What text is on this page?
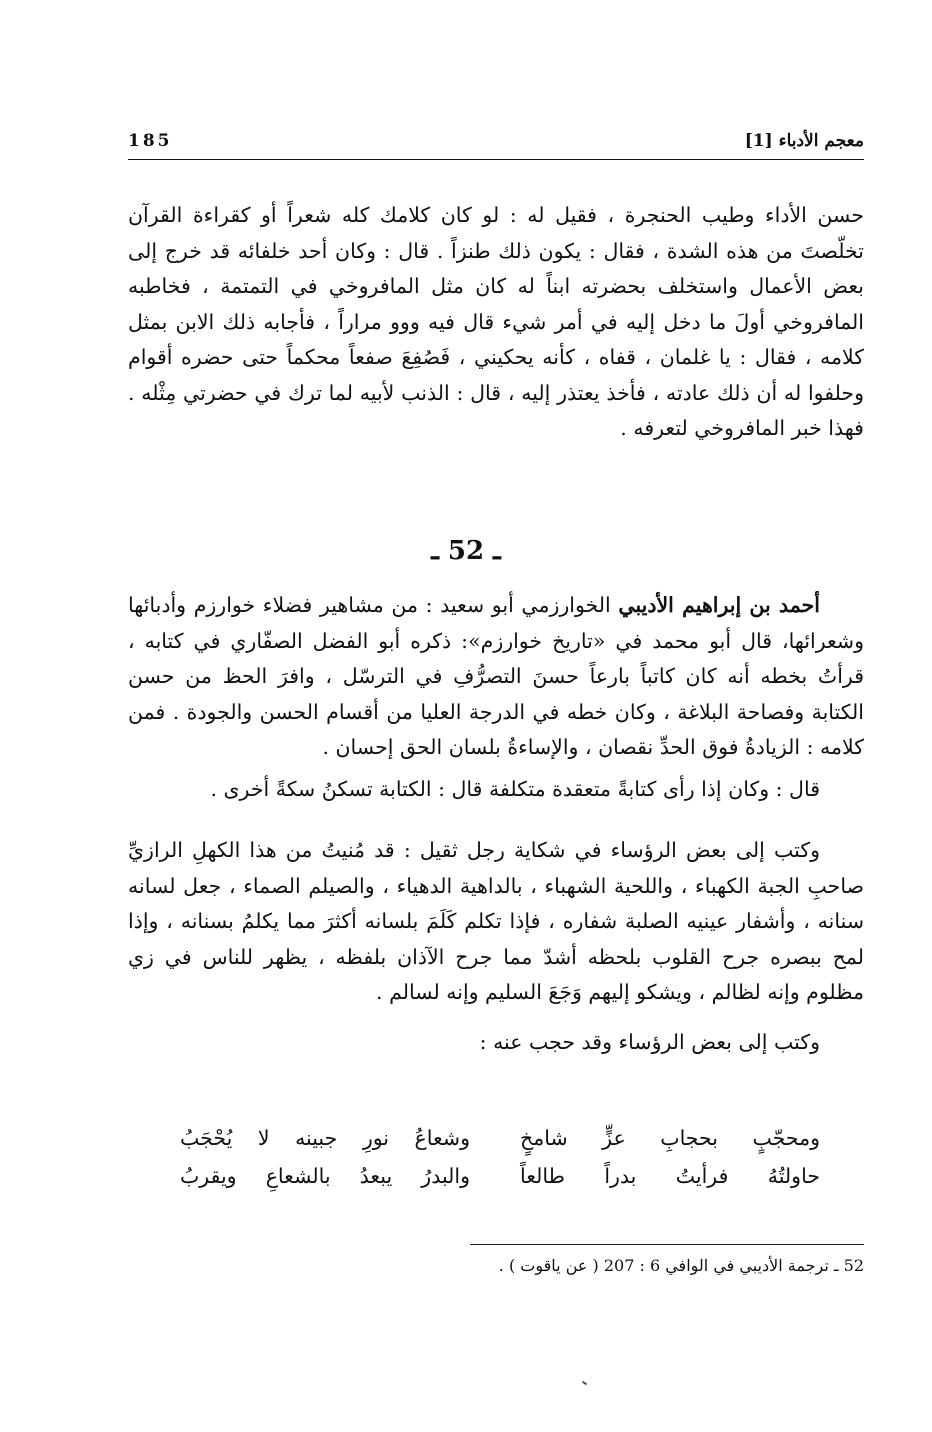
معجم الأدباء [1]
185

حسن الأداء وطيب الحنجرة ، فقيل له : لو كان كلامك كله شعراً أو كقراءة القرآن تخلّصتَ من هذه الشدة ، فقال : يكون ذلك طنزاً . قال : وكان أحد خلفائه قد خرج إلى بعض الأعمال واستخلف بحضرته ابناً له كان مثل المافروخي في التمتمة ، فخاطبه المافروخي أولَ ما دخل إليه في أمر شيء قال فيه ووو مراراً ، فأجابه ذلك الابن بمثل كلامه ، فقال : يا غلمان ، قفاه ، كأنه يحكيني ، فَصُفِعَ صفعاً محكماً حتى حضره أقوام وحلفوا له أن ذلك عادته ، فأخذ يعتذر إليه ، قال : الذنب لأبيه لما ترك في حضرتي مِثْله . فهذا خبر المافروخي لتعرفه .

ـ 52 ـ

أحمد بن إبراهيم الأديبي الخوارزمي أبو سعيد : من مشاهير فضلاء خوارزم وأدبائها وشعرائها، قال أبو محمد في «تاريخ خوارزم»: ذكره أبو الفضل الصفّاري في كتابه ، قرأتُ بخطه أنه كان كاتباً بارعاً حسنَ التصرُّفِ في الترسّل ، وافرَ الحظ من حسن الكتابة وفصاحة البلاغة ، وكان خطه في الدرجة العليا من أقسام الحسن والجودة . فمن كلامه : الزيادةُ فوق الحدِّ نقصان ، والإساءةُ بلسان الحق إحسان .

قال : وكان إذا رأى كتابةً متعقدة متكلفة قال : الكتابة تسكنُ سكةً أخرى .

وكتب إلى بعض الرؤساء في شكاية رجل ثقيل : قد مُنيتُ من هذا الكهلِ الرازيِّ صاحبِ الجبة الكهباء ، واللحية الشهباء ، بالداهية الدهياء ، والصيلم الصماء ، جعل لسانه سنانه ، وأشفار عينيه الصلبة شفاره ، فإذا تكلم كَلَمَ بلسانه أكثرَ مما يكلمُ بسنانه ، وإذا لمح ببصره جرح القلوب بلحظه أشدّ مما جرح الآذان بلفظه ، يظهر للناس في زي مظلوم وإنه لظالم ، ويشكو إليهم وَجَعَ السليم وإنه لسالم .

وكتب إلى بعض الرؤساء وقد حجب عنه :

ومحجّبٍ بحجابِ عزٍّ شامخٍ
وشعاعُ نورِ جبينه لا يُحْجَبُ
حاولتُهُ فرأيتُ بدراً طالعاً
والبدرُ يبعدُ بالشعاعِ ويقربُ
52 ـ ترجمة الأديبي في الوافي 6 : 207 ( عن ياقوت ) .
